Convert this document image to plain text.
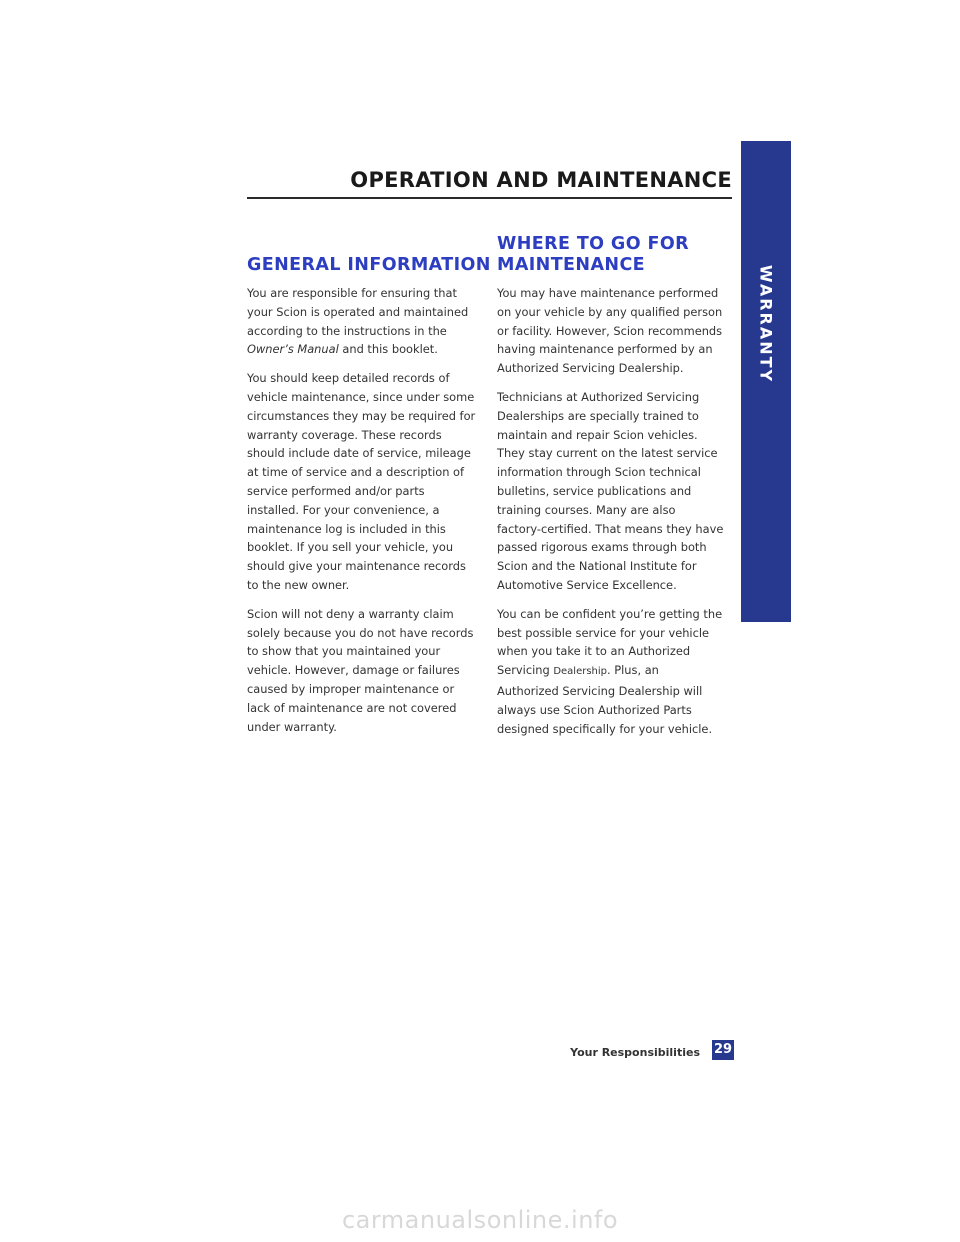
OPERATION AND MAINTENANCE
WARRANTY
GENERAL INFORMATION

You are responsible for ensuring that
your Scion is operated and maintained
according to the instructions in the
Owner’s Manual and this booklet.

You should keep detailed records of
vehicle maintenance, since under some
circumstances they may be required for
warranty coverage. These records
should include date of service, mileage
at time of service and a description of
service performed and/or parts
installed. For your convenience, a
maintenance log is included in this
booklet. If you sell your vehicle, you
should give your maintenance records
to the new owner.

Scion will not deny a warranty claim
solely because you do not have records
to show that you maintained your
vehicle. However, damage or failures
caused by improper maintenance or
lack of maintenance are not covered
under warranty.

WHERE TO GO FOR
MAINTENANCE

You may have maintenance performed
on your vehicle by any qualified person
or facility. However, Scion recommends
having maintenance performed by an
Authorized Servicing Dealership.

Technicians at Authorized Servicing
Dealerships are specially trained to
maintain and repair Scion vehicles.
They stay current on the latest service
information through Scion technical
bulletins, service publications and
training courses. Many are also
factory-certified. That means they have
passed rigorous exams through both
Scion and the National Institute for
Automotive Service Excellence.

You can be confident you’re getting the
best possible service for your vehicle
when you take it to an Authorized
Servicing Dealership. Plus, an
Authorized Servicing Dealership will
always use Scion Authorized Parts
designed specifically for your vehicle.

Your Responsibilities 29
carmanualsonline.info
